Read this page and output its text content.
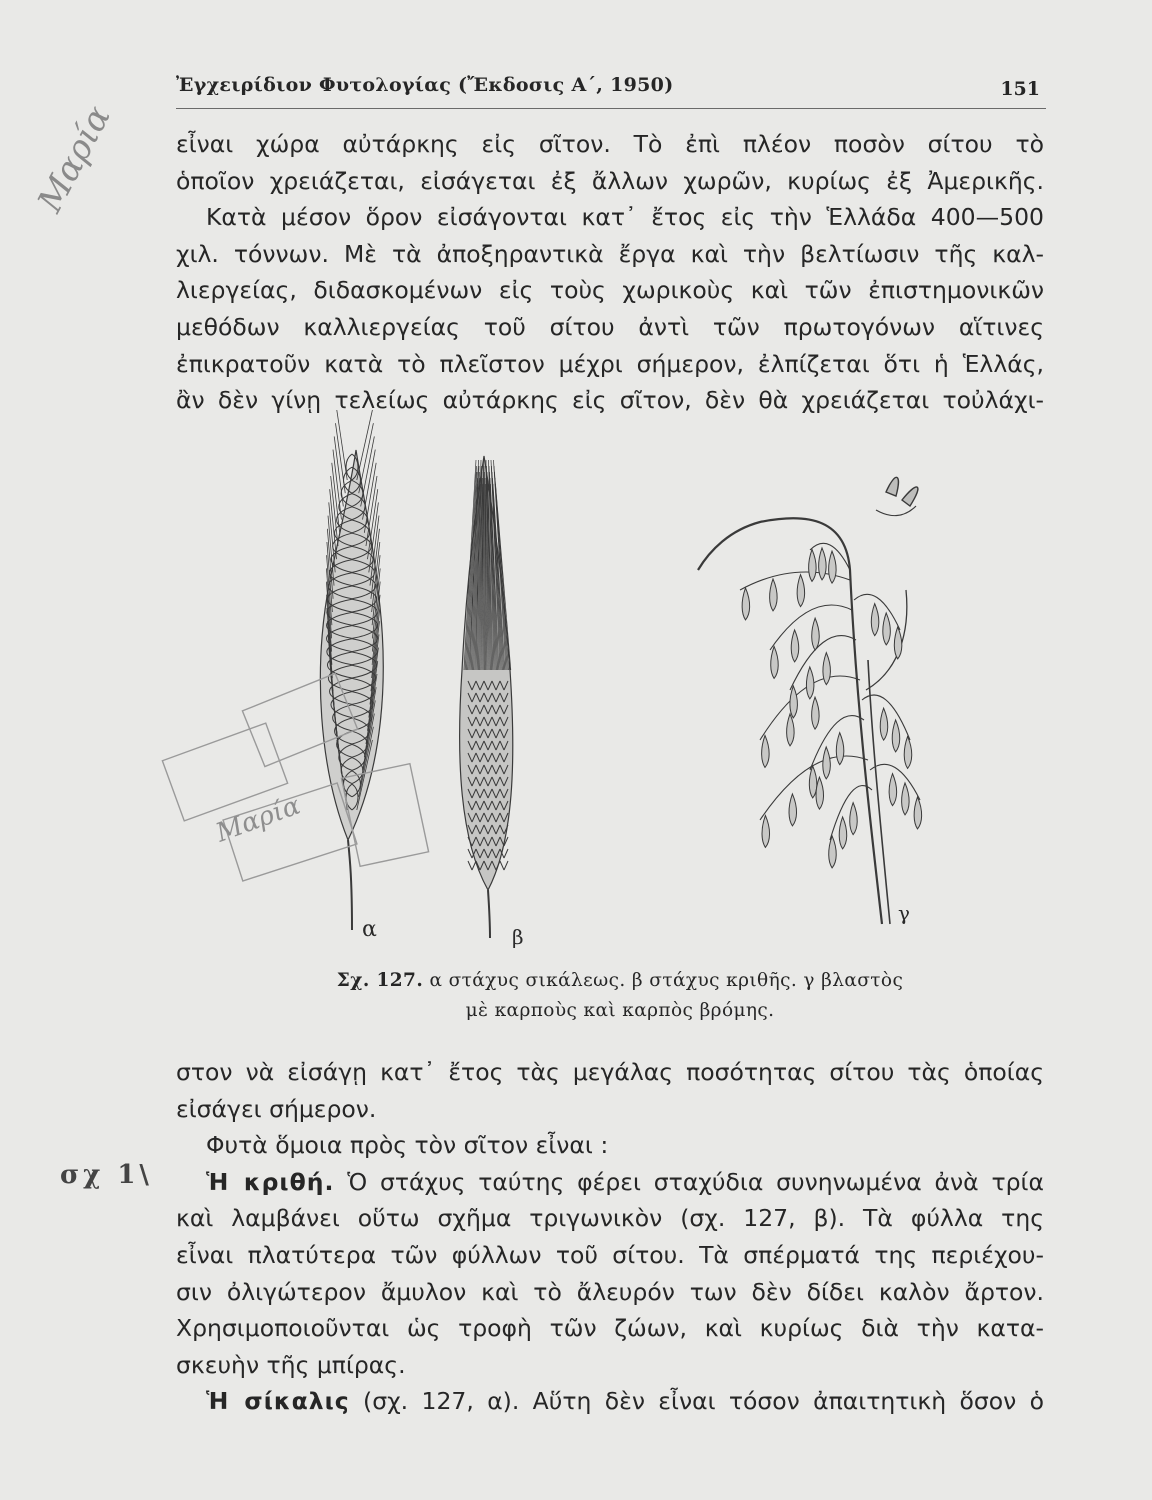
Ἐγχειρίδιον Φυτολογίας (Ἔκδοσις Α΄, 1950)	151
εἶναι χώρα αὐτάρκης εἰς σῖτον. Τὸ ἐπὶ πλέον ποσὸν σίτου τὸ
ὁποῖον χρειάζεται, εἰσάγεται ἐξ ἄλλων χωρῶν, κυρίως ἐξ Ἀμερικῆς.
Κατὰ μέσον ὅρον εἰσάγονται κατ᾿ ἔτος εἰς τὴν Ἑλλάδα 400—500
χιλ. τόννων. Μὲ τὰ ἀποξηραντικὰ ἔργα καὶ τὴν βελτίωσιν τῆς καλ-
λιεργείας, διδασκομένων εἰς τοὺς χωρικοὺς καὶ τῶν ἐπιστημονικῶν
μεθόδων καλλιεργείας τοῦ σίτου ἀντὶ τῶν πρωτογόνων αἵτινες
ἐπικρατοῦν κατὰ τὸ πλεῖστον μέχρι σήμερον, ἐλπίζεται ὅτι ἡ Ἑλλάς,
ἂν δὲν γίνῃ τελείως αὐτάρκης εἰς σῖτον, δὲν θὰ χρειάζεται τοὐλάχι-
α	β
γ
Μαρία
Σχ. 127. α στάχυς σικάλεως. β στάχυς κριθῆς. γ βλαστὸς
μὲ καρποὺς καὶ καρπὸς βρόμης.
στον νὰ εἰσάγῃ κατ᾿ ἔτος τὰς μεγάλας ποσότητας σίτου τὰς ὁποίας
εἰσάγει σήμερον.
Φυτὰ ὅμοια πρὸς τὸν σῖτον εἶναι :
Ἡ κριθή. Ὁ στάχυς ταύτης φέρει σταχύδια συνηνωμένα ἀνὰ τρία
καὶ λαμβάνει οὕτω σχῆμα τριγωνικὸν (σχ. 127, β). Τὰ φύλλα της
εἶναι πλατύτερα τῶν φύλλων τοῦ σίτου. Τὰ σπέρματά της περιέχου-
σιν ὀλιγώτερον ἄμυλον καὶ τὸ ἄλευρόν των δὲν δίδει καλὸν ἄρτον.
Χρησιμοποιοῦνται ὡς τροφὴ τῶν ζώων, καὶ κυρίως διὰ τὴν κατα-
σκευὴν τῆς μπίρας.
Ἡ σίκαλις (σχ. 127, α). Αὕτη δὲν εἶναι τόσον ἀπαιτητικὴ ὅσον ὁ
σχ 1\
Μαρία
